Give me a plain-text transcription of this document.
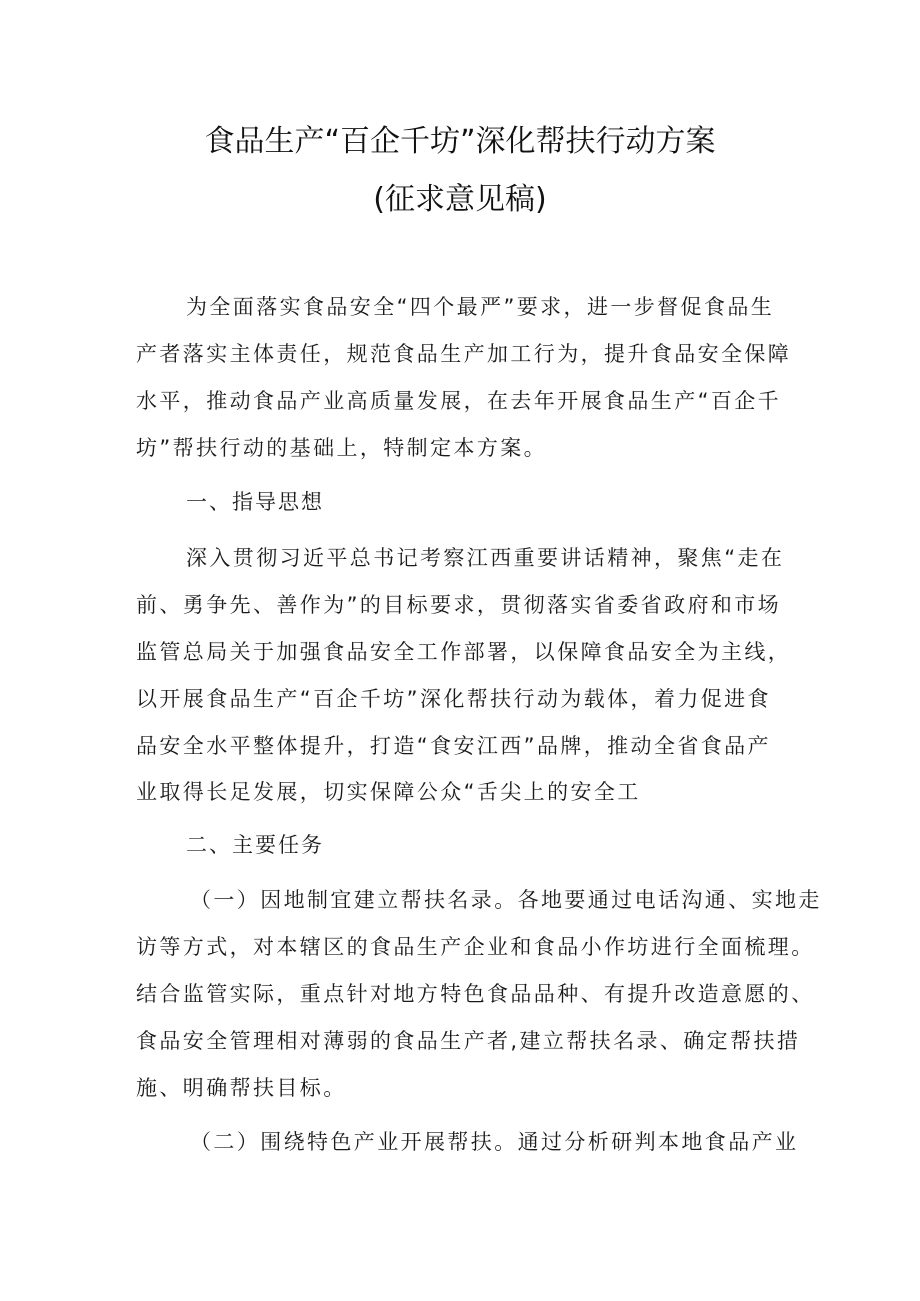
食品生产“百企千坊”深化帮扶行动方案
(征求意见稿)
为全面落实食品安全“四个最严”要求，进一步督促食品生
产者落实主体责任，规范食品生产加工行为，提升食品安全保障
水平，推动食品产业高质量发展，在去年开展食品生产“百企千
坊”帮扶行动的基础上，特制定本方案。
一、指导思想
深入贯彻习近平总书记考察江西重要讲话精神，聚焦“走在
前、勇争先、善作为”的目标要求，贯彻落实省委省政府和市场
监管总局关于加强食品安全工作部署，以保障食品安全为主线，
以开展食品生产“百企千坊”深化帮扶行动为载体，着力促进食
品安全水平整体提升，打造“食安江西”品牌，推动全省食品产
业取得长足发展，切实保障公众“舌尖上的安全工
二、主要任务
（一）因地制宜建立帮扶名录。各地要通过电话沟通、实地走
访等方式，对本辖区的食品生产企业和食品小作坊进行全面梳理。
结合监管实际，重点针对地方特色食品品种、有提升改造意愿的、
食品安全管理相对薄弱的食品生产者,建立帮扶名录、确定帮扶措
施、明确帮扶目标。
（二）围绕特色产业开展帮扶。通过分析研判本地食品产业
